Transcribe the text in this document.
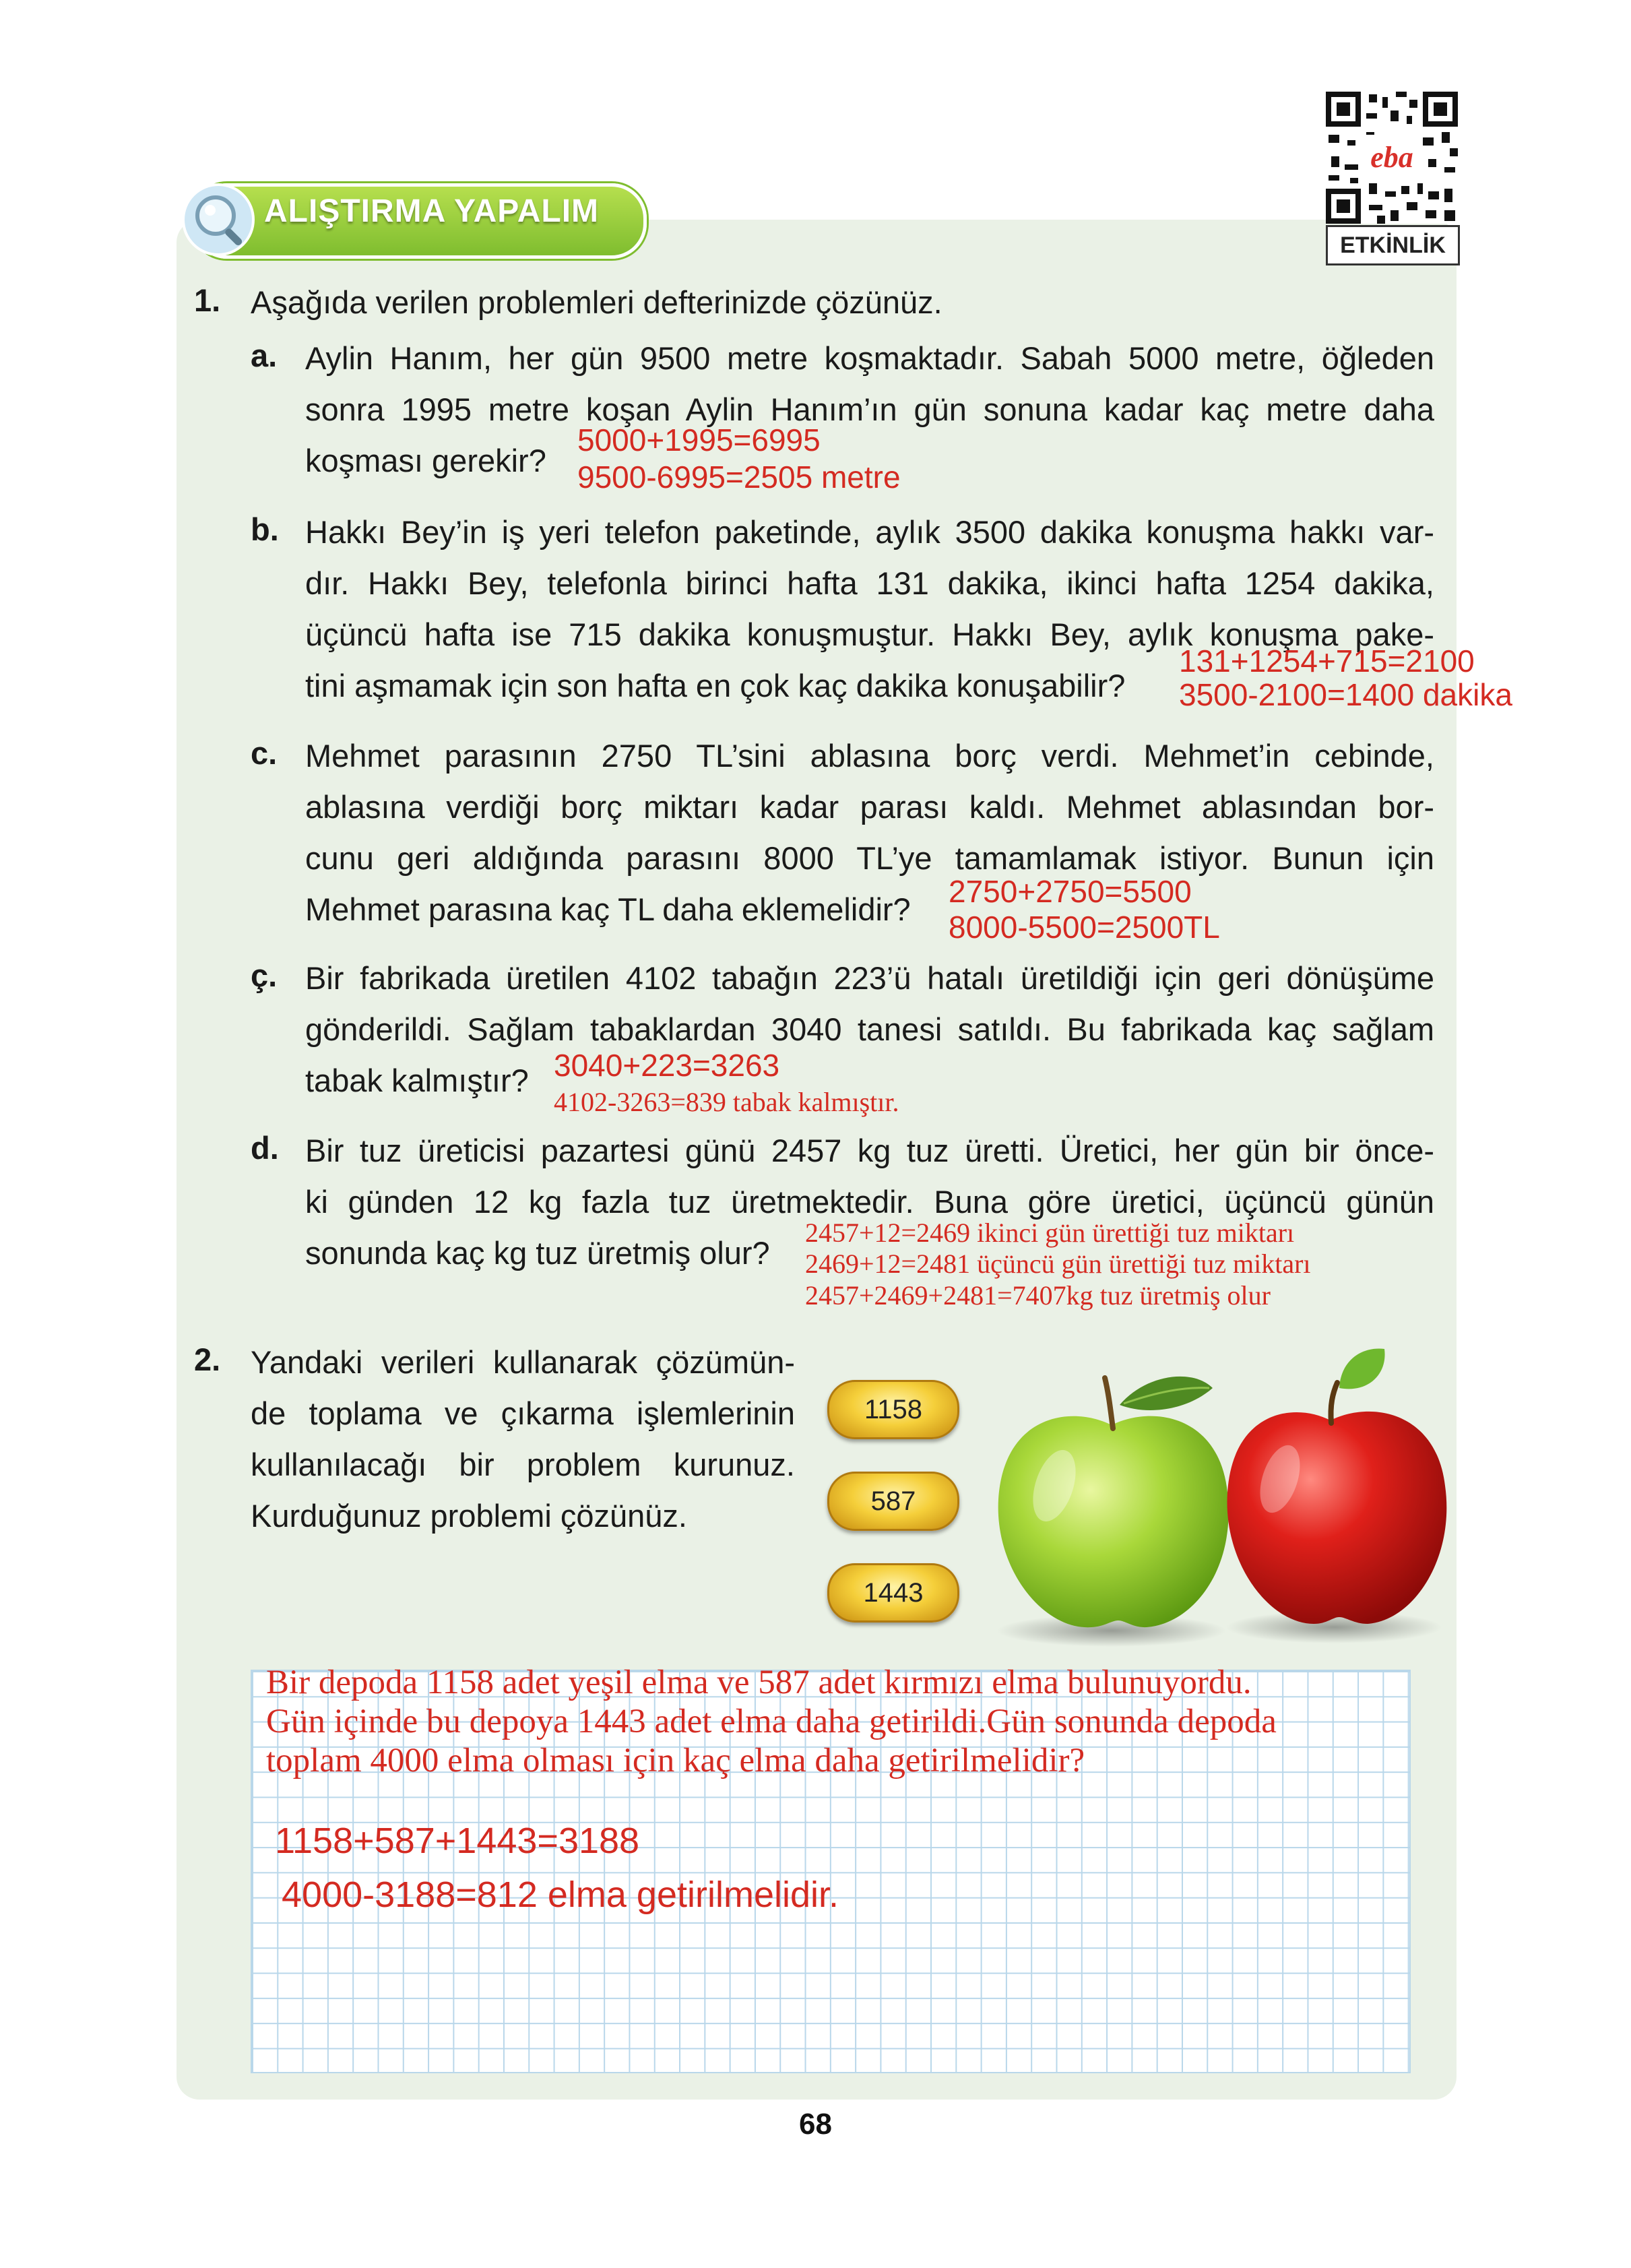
eba
ETKİNLİK
ALIŞTIRMA YAPALIM
1. Aşağıda verilen problemleri defterinizde çözünüz.
a. Aylin Hanım, her gün 9500 metre koşmaktadır. Sabah 5000 metre, öğleden
sonra 1995 metre koşan Aylin Hanım’ın gün sonuna kadar kaç metre daha
koşması gerekir?
5000+1995=6995
9500-6995=2505 metre
b. Hakkı Bey’in iş yeri telefon paketinde, aylık 3500 dakika konuşma hakkı var-
dır. Hakkı Bey, telefonla birinci hafta 131 dakika, ikinci hafta 1254 dakika,
üçüncü hafta ise 715 dakika konuşmuştur. Hakkı Bey, aylık konuşma pake-
tini aşmamak için son hafta en çok kaç dakika konuşabilir?
131+1254+715=2100
3500-2100=1400 dakika
c. Mehmet parasının 2750 TL’sini ablasına borç verdi. Mehmet’in cebinde,
ablasına verdiği borç miktarı kadar parası kaldı. Mehmet ablasından bor-
cunu geri aldığında parasını 8000 TL’ye tamamlamak istiyor. Bunun için
Mehmet parasına kaç TL daha eklemelidir? 2750+2750=5500
8000-5500=2500TL
ç. Bir fabrikada üretilen 4102 tabağın 223’ü hatalı üretildiği için geri dönüşüme
gönderildi. Sağlam tabaklardan 3040 tanesi satıldı. Bu fabrikada kaç sağlam
tabak kalmıştır? 3040+223=3263
4102-3263=839 tabak kalmıştır.
d. Bir tuz üreticisi pazartesi günü 2457 kg tuz üretti. Üretici, her gün bir önce-
ki günden 12 kg fazla tuz üretmektedir. Buna göre üretici, üçüncü günün
sonunda kaç kg tuz üretmiş olur?
2457+12=2469 ikinci gün ürettiği tuz miktarı
2469+12=2481 üçüncü gün ürettiği tuz miktarı
2457+2469+2481=7407kg tuz üretmiş olur
2. Yandaki verileri kullanarak çözümün-
de toplama ve çıkarma işlemlerinin
kullanılacağı bir problem kurunuz.
Kurduğunuz problemi çözünüz.
1158
587
1443
Bir depoda 1158 adet yeşil elma ve 587 adet kırmızı elma bulunuyordu.
Gün içinde bu depoya 1443 adet elma daha getirildi.Gün sonunda depoda
toplam 4000 elma olması için kaç elma daha getirilmelidir?
1158+587+1443=3188
4000-3188=812 elma getirilmelidir.
68
